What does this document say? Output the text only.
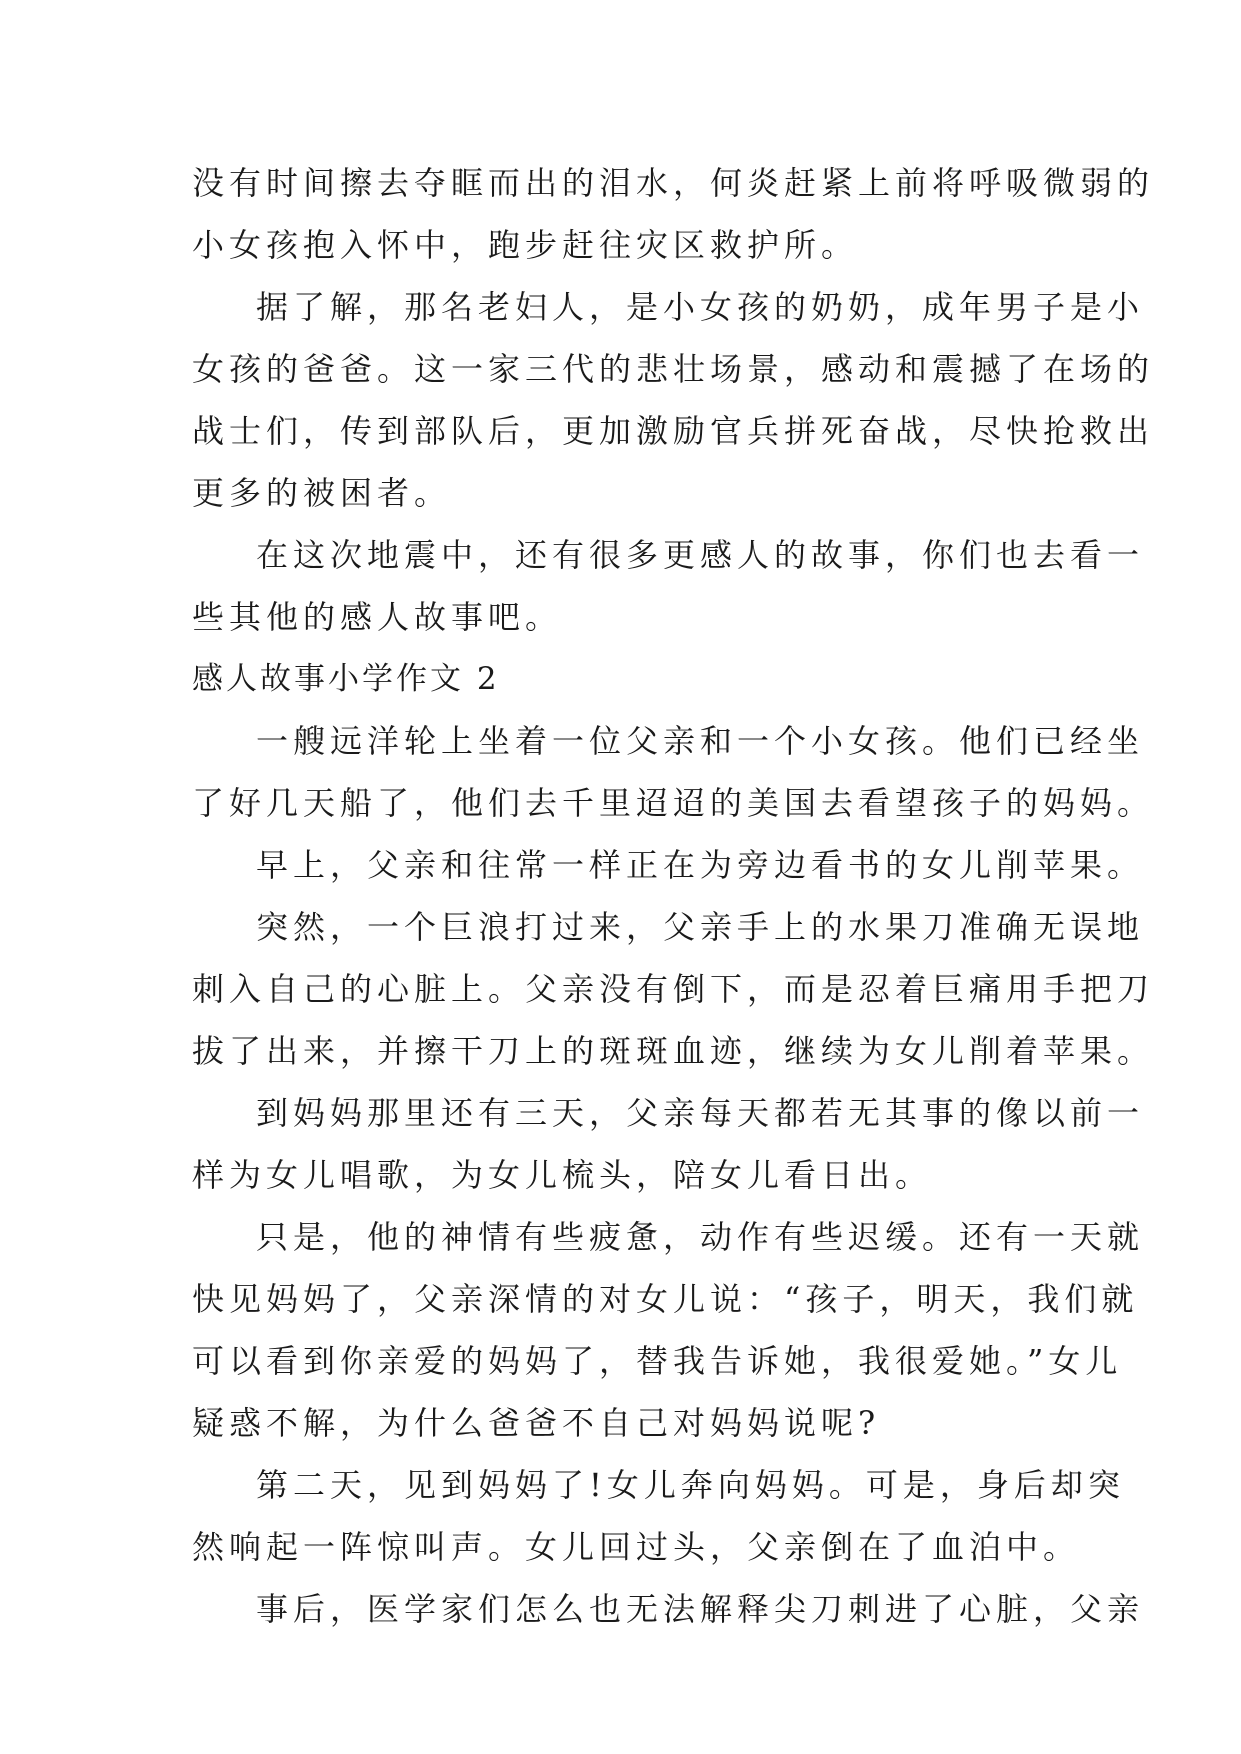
没有时间擦去夺眶而出的泪水，何炎赶紧上前将呼吸微弱的
小女孩抱入怀中，跑步赶往灾区救护所。
据了解，那名老妇人，是小女孩的奶奶，成年男子是小
女孩的爸爸。这一家三代的悲壮场景，感动和震撼了在场的
战士们，传到部队后，更加激励官兵拼死奋战，尽快抢救出
更多的被困者。
在这次地震中，还有很多更感人的故事，你们也去看一
些其他的感人故事吧。
感人故事小学作文 2
一艘远洋轮上坐着一位父亲和一个小女孩。他们已经坐
了好几天船了，他们去千里迢迢的美国去看望孩子的妈妈。
早上，父亲和往常一样正在为旁边看书的女儿削苹果。
突然，一个巨浪打过来，父亲手上的水果刀准确无误地
刺入自己的心脏上。父亲没有倒下，而是忍着巨痛用手把刀
拔了出来，并擦干刀上的斑斑血迹，继续为女儿削着苹果。
到妈妈那里还有三天，父亲每天都若无其事的像以前一
样为女儿唱歌，为女儿梳头，陪女儿看日出。
只是，他的神情有些疲惫，动作有些迟缓。还有一天就
快见妈妈了，父亲深情的对女儿说：“孩子，明天，我们就
可以看到你亲爱的妈妈了，替我告诉她，我很爱她。”女儿
疑惑不解，为什么爸爸不自己对妈妈说呢?
第二天，见到妈妈了!女儿奔向妈妈。可是，身后却突
然响起一阵惊叫声。女儿回过头，父亲倒在了血泊中。
事后，医学家们怎么也无法解释尖刀刺进了心脏，父亲
